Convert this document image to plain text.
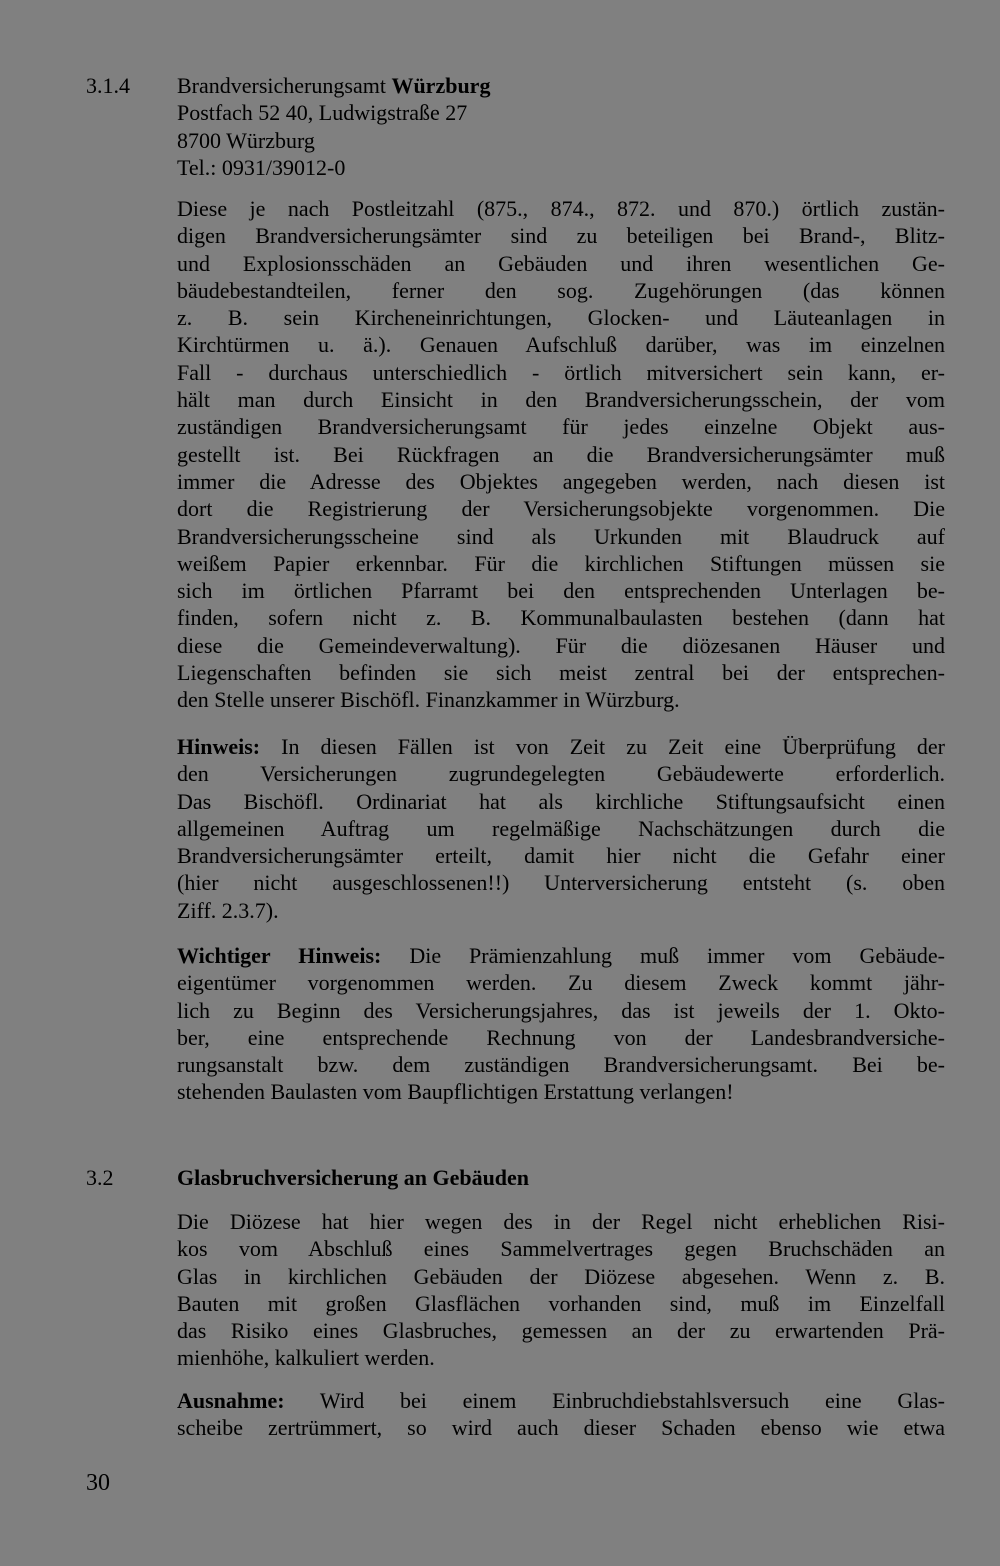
3.1.4 Brandversicherungsamt Würzburg
Postfach 52 40, Ludwigstraße 27
8700 Würzburg
Tel.: 0931/39012-0
Diese je nach Postleitzahl (875., 874., 872. und 870.) örtlich zustän-
digen Brandversicherungsämter sind zu beteiligen bei Brand-, Blitz-
und Explosionsschäden an Gebäuden und ihren wesentlichen Ge-
bäudebestandteilen, ferner den sog. Zugehörungen (das können
z. B. sein Kircheneinrichtungen, Glocken- und Läuteanlagen in
Kirchtürmen u. ä.). Genauen Aufschluß darüber, was im einzelnen
Fall - durchaus unterschiedlich - örtlich mitversichert sein kann, er-
hält man durch Einsicht in den Brandversicherungsschein, der vom
zuständigen Brandversicherungsamt für jedes einzelne Objekt aus-
gestellt ist. Bei Rückfragen an die Brandversicherungsämter muß
immer die Adresse des Objektes angegeben werden, nach diesen ist
dort die Registrierung der Versicherungsobjekte vorgenommen. Die
Brandversicherungsscheine sind als Urkunden mit Blaudruck auf
weißem Papier erkennbar. Für die kirchlichen Stiftungen müssen sie
sich im örtlichen Pfarramt bei den entsprechenden Unterlagen be-
finden, sofern nicht z. B. Kommunalbaulasten bestehen (dann hat
diese die Gemeindeverwaltung). Für die diözesanen Häuser und
Liegenschaften befinden sie sich meist zentral bei der entsprechen-
den Stelle unserer Bischöfl. Finanzkammer in Würzburg.
Hinweis: In diesen Fällen ist von Zeit zu Zeit eine Überprüfung der
den Versicherungen zugrundegelegten Gebäudewerte erforderlich.
Das Bischöfl. Ordinariat hat als kirchliche Stiftungsaufsicht einen
allgemeinen Auftrag um regelmäßige Nachschätzungen durch die
Brandversicherungsämter erteilt, damit hier nicht die Gefahr einer
(hier nicht ausgeschlossenen!!) Unterversicherung entsteht (s. oben
Ziff. 2.3.7).
Wichtiger Hinweis: Die Prämienzahlung muß immer vom Gebäude-
eigentümer vorgenommen werden. Zu diesem Zweck kommt jähr-
lich zu Beginn des Versicherungsjahres, das ist jeweils der 1. Okto-
ber, eine entsprechende Rechnung von der Landesbrandversiche-
rungsanstalt bzw. dem zuständigen Brandversicherungsamt. Bei be-
stehenden Baulasten vom Baupflichtigen Erstattung verlangen!
3.2	Glasbruchversicherung an Gebäuden
Die Diözese hat hier wegen des in der Regel nicht erheblichen Risi-
kos vom Abschluß eines Sammelvertrages gegen Bruchschäden an
Glas in kirchlichen Gebäuden der Diözese abgesehen. Wenn z. B.
Bauten mit großen Glasflächen vorhanden sind, muß im Einzelfall
das Risiko eines Glasbruches, gemessen an der zu erwartenden Prä-
mienhöhe, kalkuliert werden.
Ausnahme: Wird bei einem Einbruchdiebstahlsversuch eine Glas-
scheibe zertrümmert, so wird auch dieser Schaden ebenso wie etwa
30
